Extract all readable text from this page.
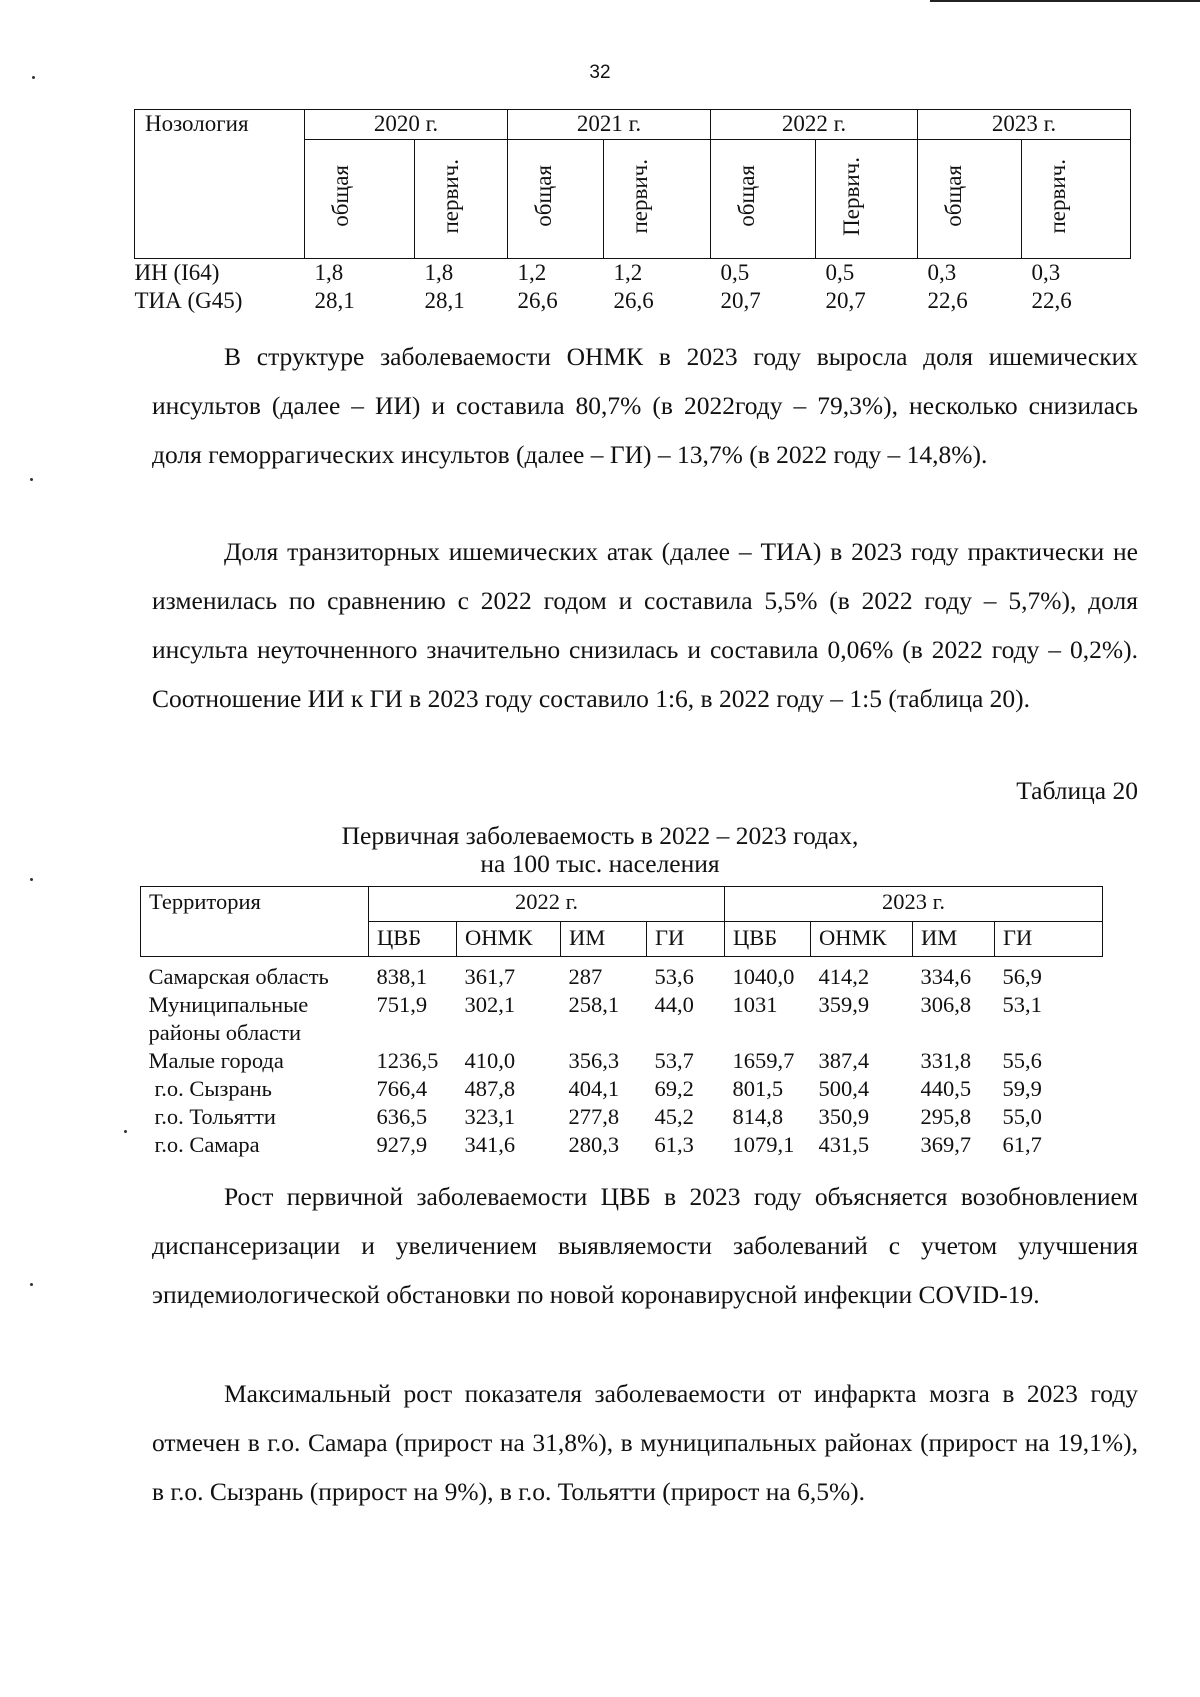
32
Нозология	2020 г.		2021 г.		2022 г.		2023 г.	
	общая	первич.	общая	первич.	общая	Первич.	общая	первич.
ИН (I64)	1,8	1,8	1,2	1,2	0,5	0,5	0,3	0,3
ТИА (G45)	28,1	28,1	26,6	26,6	20,7	20,7	22,6	22,6

В структуре заболеваемости ОНМК в 2023 году выросла доля ишемических инсультов (далее – ИИ) и составила 80,7% (в 2022году – 79,3%), несколько снизилась доля геморрагических инсультов (далее – ГИ) – 13,7% (в 2022 году – 14,8%).

Доля транзиторных ишемических атак (далее – ТИА) в 2023 году практически не изменилась по сравнению с 2022 годом и составила 5,5% (в 2022 году – 5,7%), доля инсульта неуточненного значительно снизилась и составила 0,06% (в 2022 году – 0,2%). Соотношение ИИ к ГИ в 2023 году составило 1:6, в 2022 году – 1:5 (таблица 20).

Таблица 20
Первичная заболеваемость в 2022 – 2023 годах,
на 100 тыс. населения
Территория	2022 г.				2023 г.			
	ЦВБ	ОНМК	ИМ	ГИ	ЦВБ	ОНМК	ИМ	ГИ
Самарская область	838,1	361,7	287	53,6	1040,0	414,2	334,6	56,9
Муниципальные районы области	751,9	302,1	258,1	44,0	1031	359,9	306,8	53,1
Малые города	1236,5	410,0	356,3	53,7	1659,7	387,4	331,8	55,6
г.о. Сызрань	766,4	487,8	404,1	69,2	801,5	500,4	440,5	59,9
г.о. Тольятти	636,5	323,1	277,8	45,2	814,8	350,9	295,8	55,0
г.о. Самара	927,9	341,6	280,3	61,3	1079,1	431,5	369,7	61,7

Рост первичной заболеваемости ЦВБ в 2023 году объясняется возобновлением диспансеризации и увеличением выявляемости заболеваний с учетом улучшения эпидемиологической обстановки по новой коронавирусной инфекции COVID-19.

Максимальный рост показателя заболеваемости от инфаркта мозга в 2023 году отмечен в г.о. Самара (прирост на 31,8%), в муниципальных районах (прирост на 19,1%), в г.о. Сызрань (прирост на 9%), в г.о. Тольятти (прирост на 6,5%).
